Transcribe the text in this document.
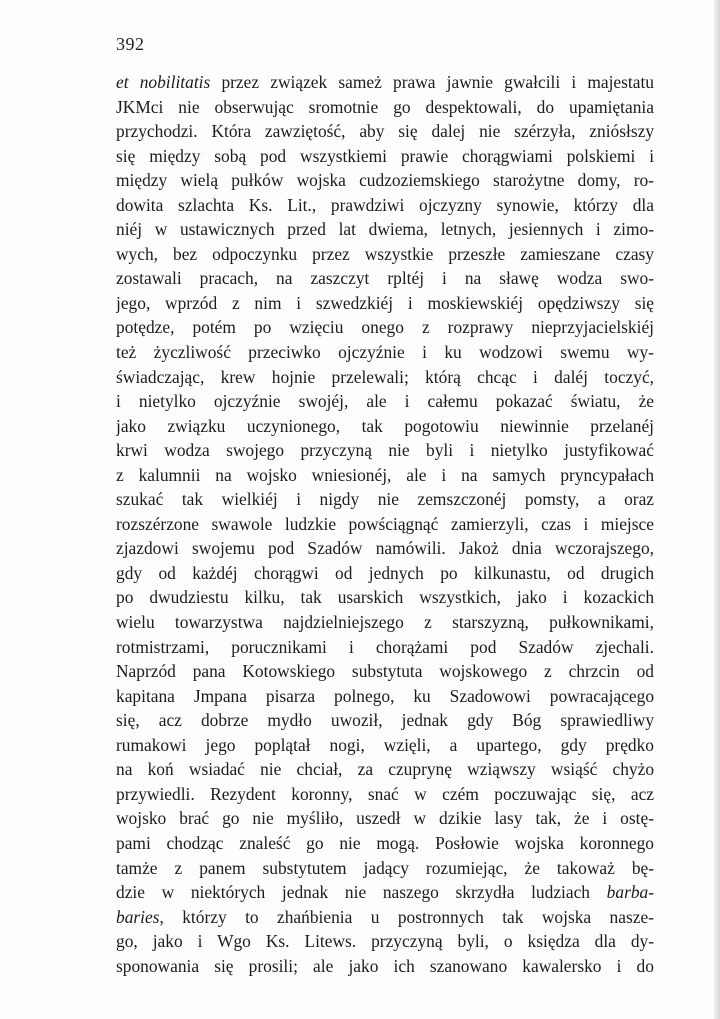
392
et nobilitatis przez związek sameż prawa jawnie gwałcili i majestatu
JKMci nie obserwując sromotnie go despektowali, do upamiętania
przychodzi. Która zawziętość, aby się dalej nie szérzyła, zniósłszy
się między sobą pod wszystkiemi prawie chorągwiami polskiemi i
między wielą pułków wojska cudzoziemskiego starożytne domy, ro-
dowita szlachta Ks. Lit., prawdziwi ojczyzny synowie, którzy dla
niéj w ustawicznych przed lat dwiema, letnych, jesiennych i zimo-
wych, bez odpoczynku przez wszystkie przeszłe zamieszane czasy
zostawali pracach, na zaszczyt rpltéj i na sławę wodza swo-
jego, wprzód z nim i szwedzkiéj i moskiewskiéj opędziwszy się
potędze, potém po wzięciu onego z rozprawy nieprzyjacielskiéj
też życzliwość przeciwko ojczyźnie i ku wodzowi swemu wy-
świadczając, krew hojnie przelewali; którą chcąc i daléj toczyć,
i nietylko ojczyźnie swojéj, ale i całemu pokazać światu, że
jako związku uczynionego, tak pogotowiu niewinnie przelanéj
krwi wodza swojego przyczyną nie byli i nietylko justyfikować
z kalumnii na wojsko wniesionéj, ale i na samych pryncypałach
szukać tak wielkiéj i nigdy nie zemszczonéj pomsty, a oraz
rozszérzone swawole ludzkie powściągnąć zamierzyli, czas i miejsce
zjazdowi swojemu pod Szadów namówili. Jakoż dnia wczorajszego,
gdy od każdéj chorągwi od jednych po kilkunastu, od drugich
po dwudziestu kilku, tak usarskich wszystkich, jako i kozackich
wielu towarzystwa najdzielniejszego z starszyzną, pułkownikami,
rotmistrzami, porucznikami i chorążami pod Szadów zjechali.
Naprzód pana Kotowskiego substytuta wojskowego z chrzcin od
kapitana Jmpana pisarza polnego, ku Szadowowi powracającego
się, acz dobrze mydło uwoził, jednak gdy Bóg sprawiedliwy
rumakowi jego poplątał nogi, wzięli, a upartego, gdy prędko
na koń wsiadać nie chciał, za czuprynę wziąwszy wsiąść chyżo
przywiedli. Rezydent koronny, snać w czém poczuwając się, acz
wojsko brać go nie myśliło, uszedł w dzikie lasy tak, że i ostę-
pami chodząc znaleść go nie mogą. Posłowie wojska koronnego
tamże z panem substytutem jadący rozumiejąc, że takoważ bę-
dzie w niektórych jednak nie naszego skrzydła ludziach barba-
baries, którzy to zhańbienia u postronnych tak wojska nasze-
go, jako i Wgo Ks. Litews. przyczyną byli, o księdza dla dy-
sponowania się prosili; ale jako ich szanowano kawalersko i do
